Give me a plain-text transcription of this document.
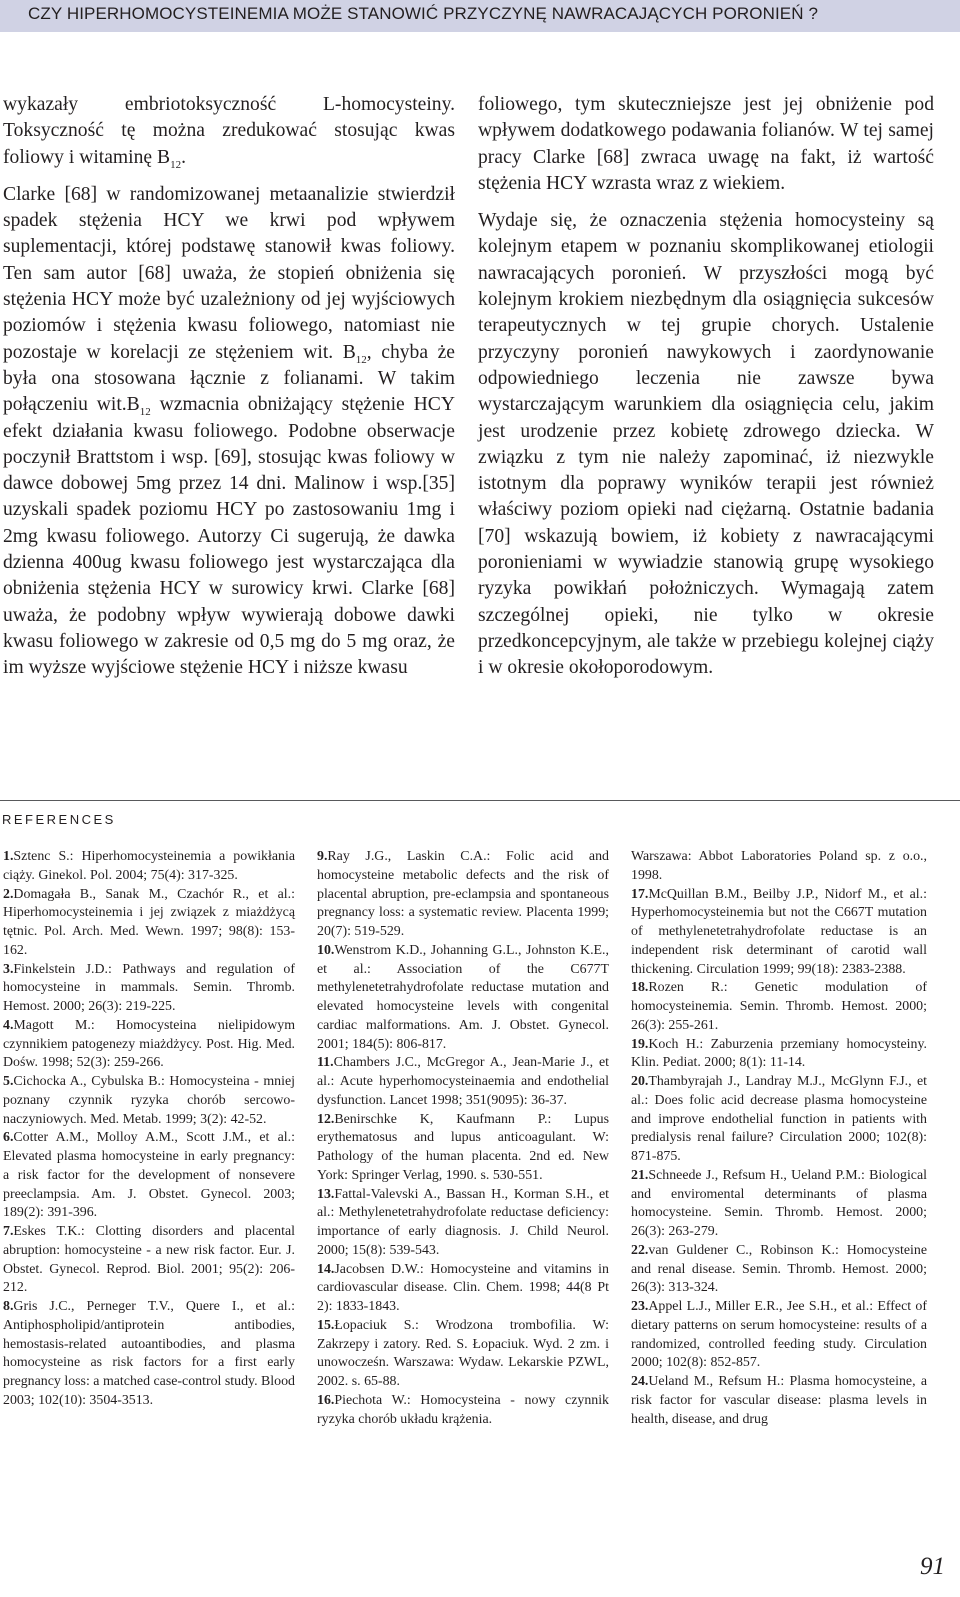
CZY HIPERHOMOCYSTEINEMIA MOŻE STANOWIĆ PRZYCZYNĘ NAWRACAJĄCYCH PORONIEŃ ?

wykazały embriotoksyczność L-homocysteiny. Toksyczność tę można zredukować stosując kwas foliowy i witaminę $B_{12}$.

Clarke [68] w randomizowanej metaanalizie stwierdził spadek stężenia HCY we krwi pod wpływem suplementacji, której podstawę stanowił kwas foliowy. Ten sam autor [68] uważa, że stopień obniżenia się stężenia HCY może być uzależniony od jej wyjściowych poziomów i stężenia kwasu foliowego, natomiast nie pozostaje w korelacji ze stężeniem wit. $B_{12}$, chyba że była ona stosowana łącznie z folianami. W takim połączeniu $wit.B_{12}$ wzmacnia obniżający stężenie HCY efekt działania kwasu foliowego. Podobne obserwacje poczynił Brattstom i wsp. [69], stosując kwas foliowy w dawce dobowej 5mg przez 14 dni. Malinow i wsp.[35] uzyskali spadek poziomu HCY po zastosowaniu 1mg i 2mg kwasu foliowego. Autorzy Ci sugerują, że dawka dzienna 400ug kwasu foliowego jest wystarczająca dla obniżenia stężenia HCY w surowicy krwi. Clarke [68] uważa, że podobny wpływ wywierają dobowe dawki kwasu foliowego w zakresie od 0,5 mg do 5 mg oraz, że im wyższe wyjściowe stężenie HCY i niższe kwasu

foliowego, tym skuteczniejsze jest jej obniżenie pod wpływem dodatkowego podawania folianów. W tej samej pracy Clarke [68] zwraca uwagę na fakt, iż wartość stężenia HCY wzrasta wraz z wiekiem.

Wydaje się, że oznaczenia stężenia homocysteiny są kolejnym etapem w poznaniu skomplikowanej etiologii nawracających poronień. W przyszłości mogą być kolejnym krokiem niezbędnym dla osiągnięcia sukcesów terapeutycznych w tej grupie chorych. Ustalenie przyczyny poronień nawykowych i zaordynowanie odpowiedniego leczenia nie zawsze bywa wystarczającym warunkiem dla osiągnięcia celu, jakim jest urodzenie przez kobietę zdrowego dziecka. W związku z tym nie należy zapominać, iż niezwykle istotnym dla poprawy wyników terapii jest również właściwy poziom opieki nad ciężarną. Ostatnie badania [70] wskazują bowiem, iż kobiety z nawracającymi poronieniami w wywiadzie stanowią grupę wysokiego ryzyka powikłań położniczych. Wymagają zatem szczególnej opieki, nie tylko w okresie przedkoncepcyjnym, ale także w przebiegu kolejnej ciąży i w okresie okołoporodowym.

REFERENCES

1.Sztenc S.: Hiperhomocysteinemia a powikłania ciąży. Ginekol. Pol. 2004; 75(4): 317-325.

2.Domagała B., Sanak M., Czachór R., et al.: Hiperhomocysteinemia i jej związek z miażdżycą tętnic. Pol. Arch. Med. Wewn. 1997; 98(8): 153-162.

3.Finkelstein J.D.: Pathways and regulation of homocysteine in mammals. Semin. Thromb. Hemost. 2000; 26(3): 219-225.

4.Magott M.: Homocysteina nielipidowym czynnikiem patogenezy miażdżycy. Post. Hig. Med. Dośw. 1998; 52(3): 259-266.

5.Cichocka A., Cybulska B.: Homocysteina - mniej poznany czynnik ryzyka chorób sercowo- naczyniowych. Med. Metab. 1999; 3(2): 42-52.

6.Cotter A.M., Molloy A.M., Scott J.M., et al.: Elevated plasma homocysteine in early pregnancy: a risk factor for the development of nonsevere preeclampsia. Am. J. Obstet. Gynecol. 2003; 189(2): 391-396.

7.Eskes T.K.: Clotting disorders and placental abruption: homocysteine - a new risk factor. Eur. J. Obstet. Gynecol. Reprod. Biol. 2001; 95(2): 206-212.

8.Gris J.C., Perneger T.V., Quere I., et al.: Antiphospholipid/antiprotein antibodies, hemostasis-related autoantibodies, and plasma homocysteine as risk factors for a first early pregnancy loss: a matched case-control study. Blood 2003; 102(10): 3504-3513.

9.Ray J.G., Laskin C.A.: Folic acid and homocysteine metabolic defects and the risk of placental abruption, pre-eclampsia and spontaneous pregnancy loss: a systematic review. Placenta 1999; 20(7): 519-529.

10.Wenstrom K.D., Johanning G.L., Johnston K.E., et al.: Association of the C677T methylenetetrahydrofolate reductase mutation and elevated homocysteine levels with congenital cardiac malformations. Am. J. Obstet. Gynecol. 2001; 184(5): 806-817.

11.Chambers J.C., McGregor A., Jean-Marie J., et al.: Acute hyperhomocysteinaemia and endothelial dysfunction. Lancet 1998; 351(9095): 36-37.

12.Benirschke K, Kaufmann P.: Lupus erythematosus and lupus anticoagulant. W: Pathology of the human placenta. 2nd ed. New York: Springer Verlag, 1990. s. 530-551.

13.Fattal-Valevski A., Bassan H., Korman S.H., et al.: Methylenetetrahydrofolate reductase deficiency: importance of early diagnosis. J. Child Neurol. 2000; 15(8): 539-543.

14.Jacobsen D.W.: Homocysteine and vitamins in cardiovascular disease. Clin. Chem. 1998; 44(8 Pt 2): 1833-1843.

15.Łopaciuk S.: Wrodzona trombofilia. W: Zakrzepy i zatory. Red. S. Łopaciuk. Wyd. 2 zm. i unowocześn. Warszawa: Wydaw. Lekarskie PZWL, 2002. s. 65-88.

16.Piechota W.: Homocysteina - nowy czynnik ryzyka chorób układu krążenia.

Warszawa: Abbot Laboratories Poland sp. z o.o., 1998.

17.McQuillan B.M., Beilby J.P., Nidorf M., et al.: Hyperhomocysteinemia but not the C667T mutation of methylenetetrahydrofolate reductase is an independent risk determinant of carotid wall thickening. Circulation 1999; 99(18): 2383-2388.

18.Rozen R.: Genetic modulation of homocysteinemia. Semin. Thromb. Hemost. 2000; 26(3): 255-261.

19.Koch H.: Zaburzenia przemiany homocysteiny. Klin. Pediat. 2000; 8(1): 11-14.

20.Thambyrajah J., Landray M.J., McGlynn F.J., et al.: Does folic acid decrease plasma homocysteine and improve endothelial function in patients with predialysis renal failure? Circulation 2000; 102(8): 871-875.

21.Schneede J., Refsum H., Ueland P.M.: Biological and enviromental determinants of plasma homocysteine. Semin. Thromb. Hemost. 2000; 26(3): 263-279.

22.van Guldener C., Robinson K.: Homocysteine and renal disease. Semin. Thromb. Hemost. 2000; 26(3): 313-324.

23.Appel L.J., Miller E.R., Jee S.H., et al.: Effect of dietary patterns on serum homocysteine: results of a randomized, controlled feeding study. Circulation 2000; 102(8): 852-857.

24.Ueland M., Refsum H.: Plasma homocysteine, a risk factor for vascular disease: plasma levels in health, disease, and drug

91
